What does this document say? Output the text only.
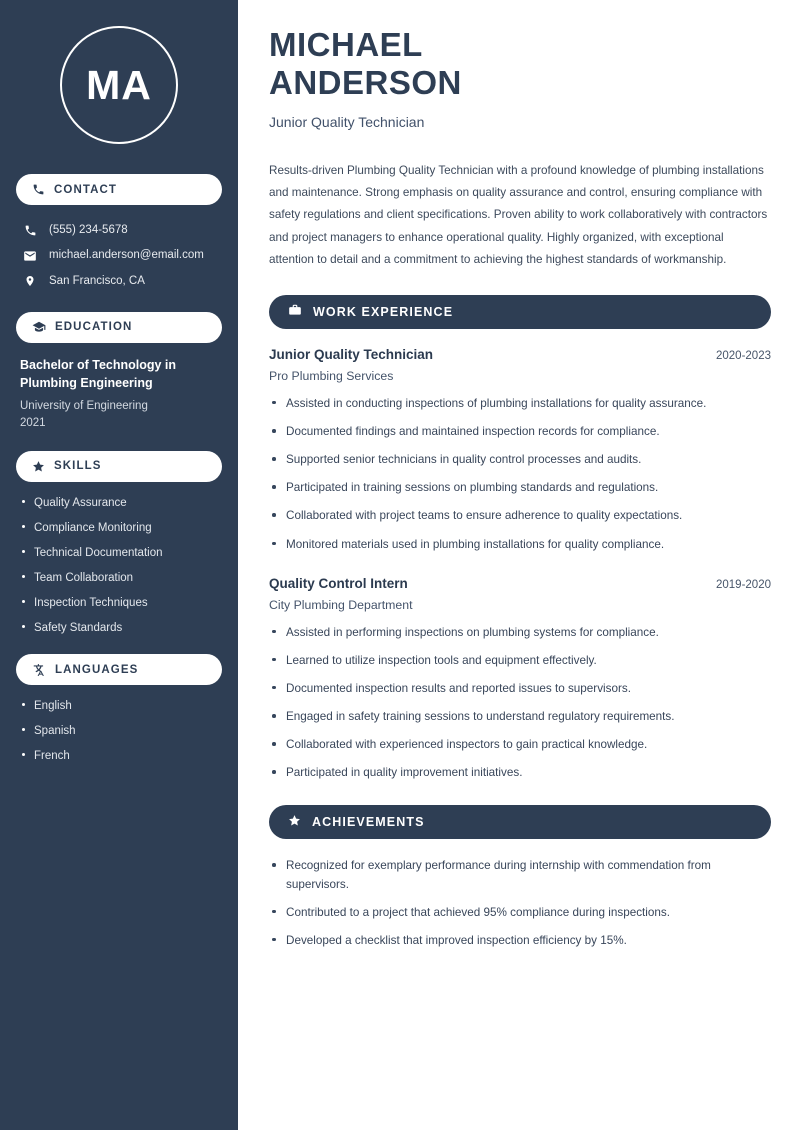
MA
CONTACT
(555) 234-5678
michael.anderson@email.com
San Francisco, CA
EDUCATION
Bachelor of Technology in Plumbing Engineering
University of Engineering
2021
SKILLS
Quality Assurance
Compliance Monitoring
Technical Documentation
Team Collaboration
Inspection Techniques
Safety Standards
LANGUAGES
English
Spanish
French
MICHAEL
ANDERSON
Junior Quality Technician

Results-driven Plumbing Quality Technician with a profound knowledge of plumbing installations and maintenance. Strong emphasis on quality assurance and control, ensuring compliance with safety regulations and client specifications. Proven ability to work collaboratively with contractors and project managers to enhance operational quality. Highly organized, with exceptional attention to detail and a commitment to achieving the highest standards of workmanship.

WORK EXPERIENCE
Junior Quality Technician	2020-2023
Pro Plumbing Services
Assisted in conducting inspections of plumbing installations for quality assurance.
Documented findings and maintained inspection records for compliance.
Supported senior technicians in quality control processes and audits.
Participated in training sessions on plumbing standards and regulations.
Collaborated with project teams to ensure adherence to quality expectations.
Monitored materials used in plumbing installations for quality compliance.
Quality Control Intern	2019-2020
City Plumbing Department
Assisted in performing inspections on plumbing systems for compliance.
Learned to utilize inspection tools and equipment effectively.
Documented inspection results and reported issues to supervisors.
Engaged in safety training sessions to understand regulatory requirements.
Collaborated with experienced inspectors to gain practical knowledge.
Participated in quality improvement initiatives.
ACHIEVEMENTS
Recognized for exemplary performance during internship with commendation from supervisors.
Contributed to a project that achieved 95% compliance during inspections.
Developed a checklist that improved inspection efficiency by 15%.
